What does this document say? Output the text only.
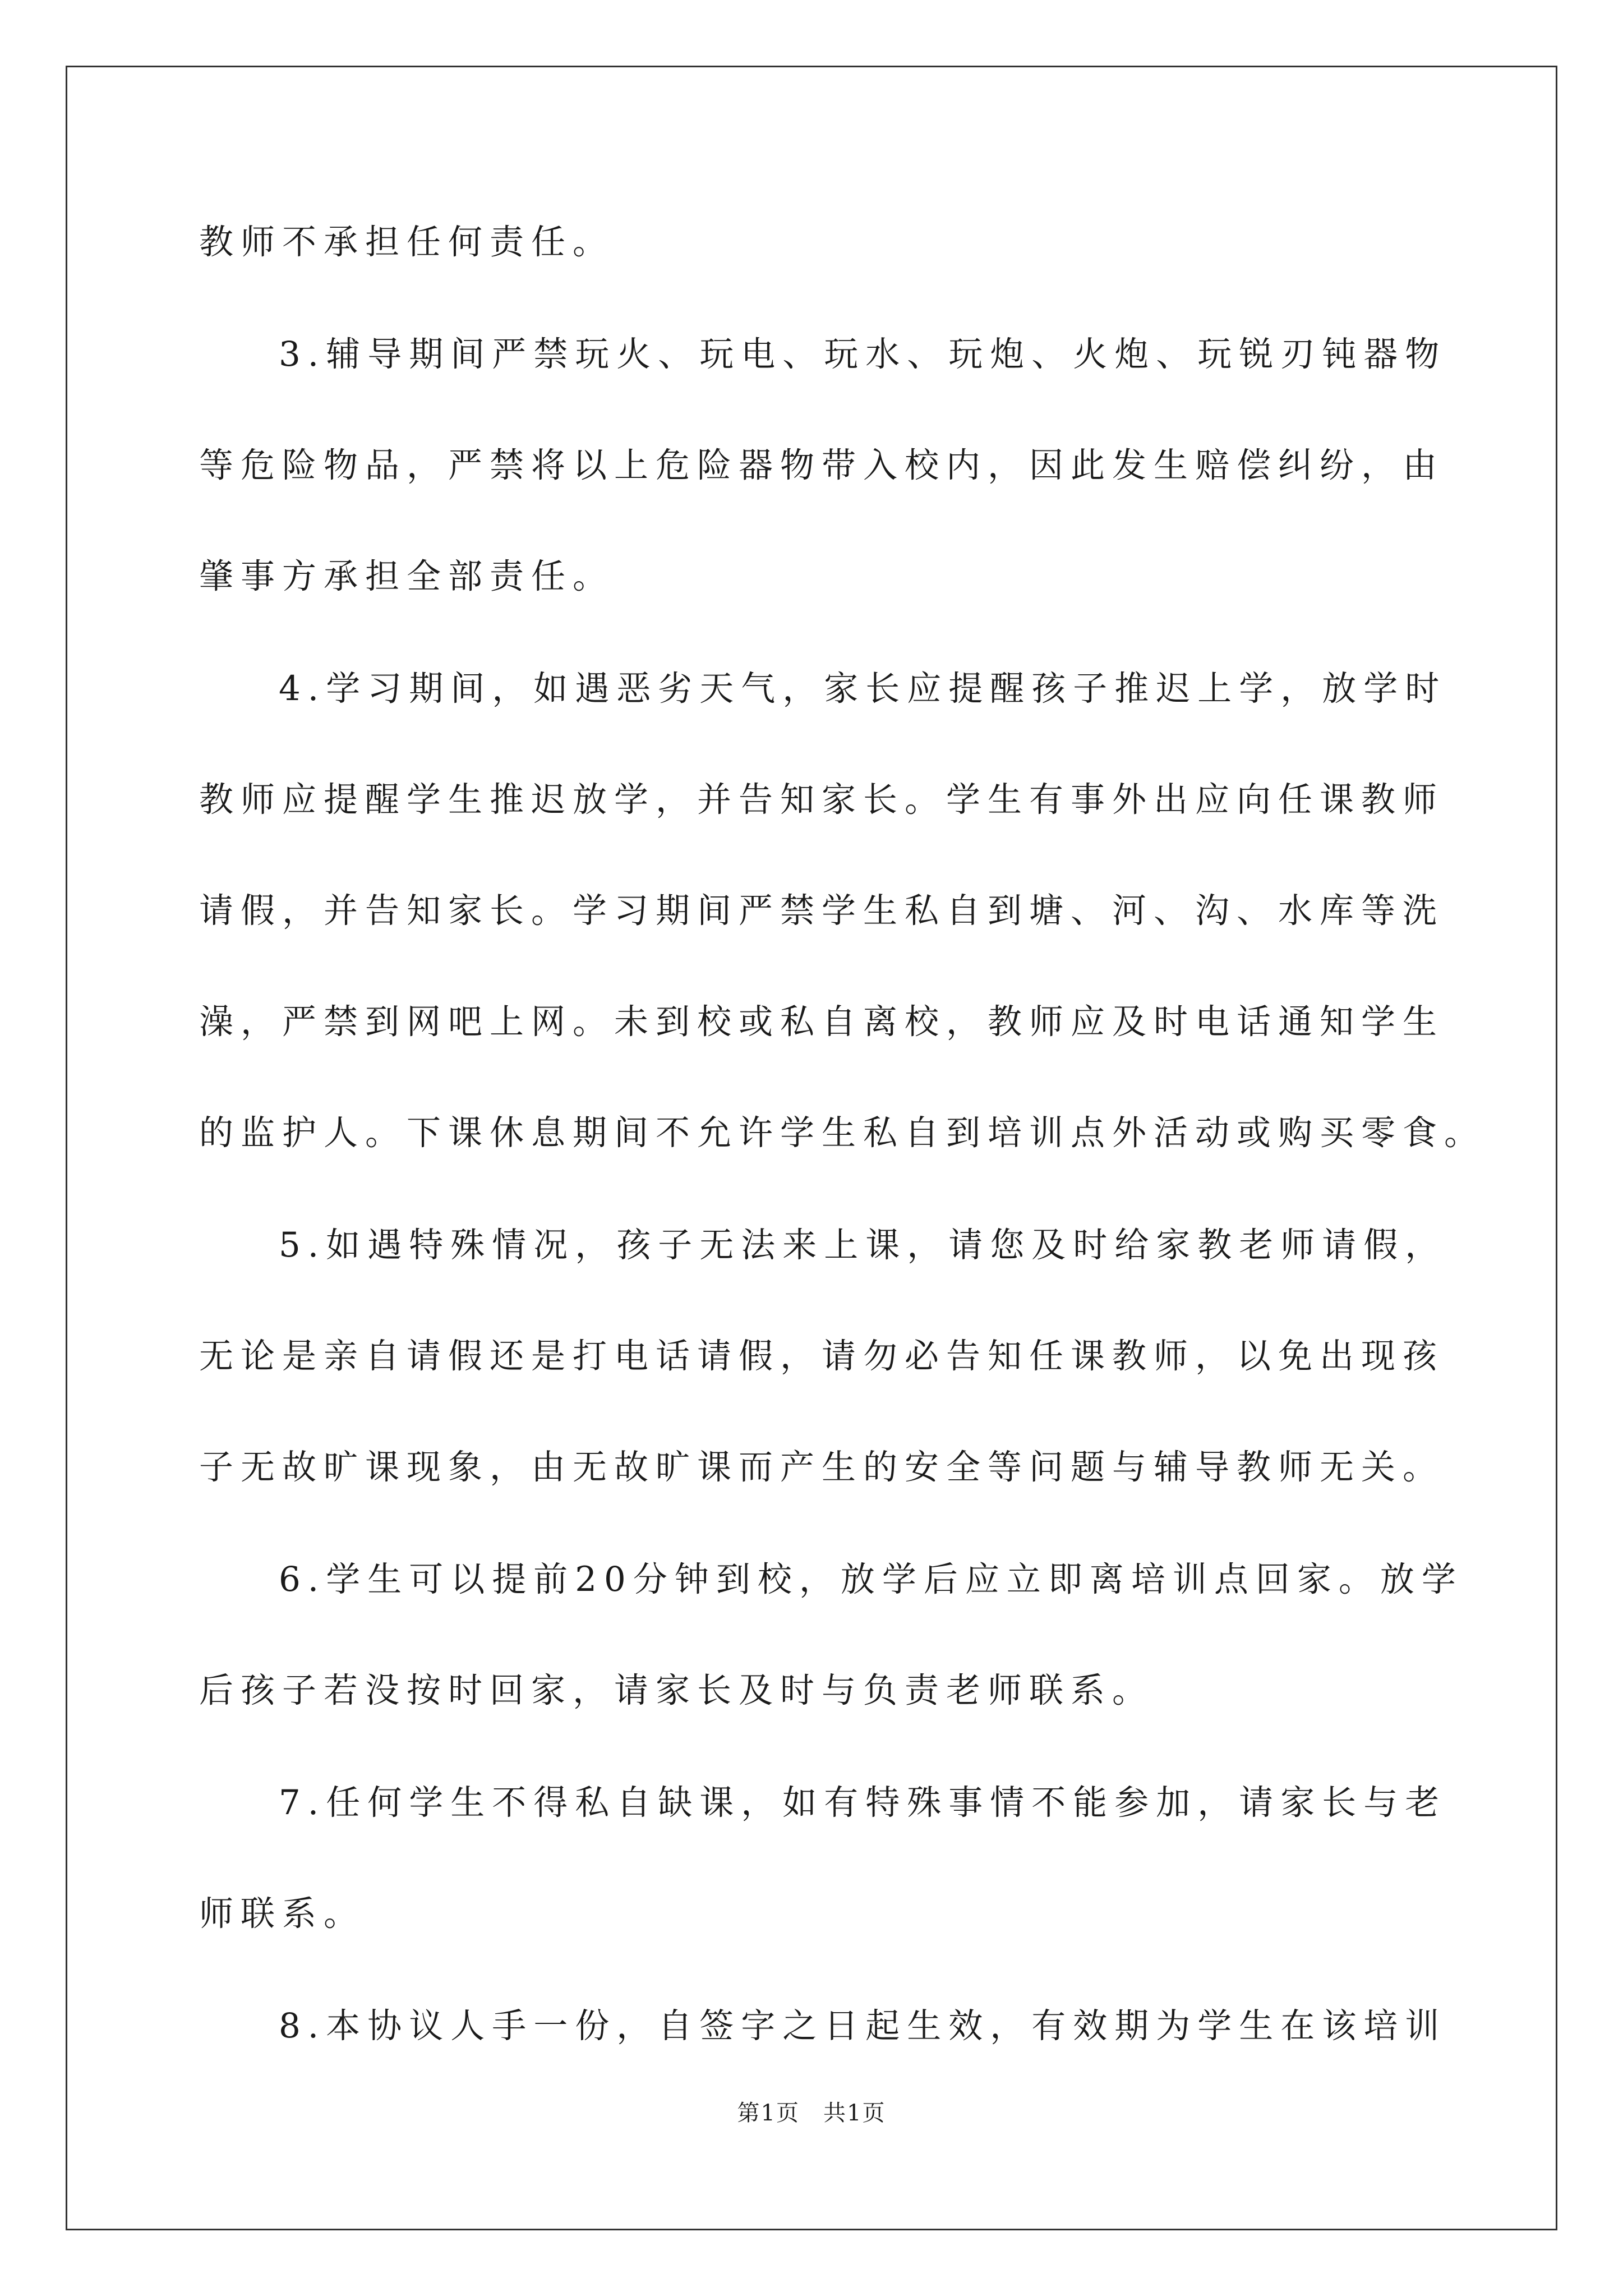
教师不承担任何责任。
3.辅导期间严禁玩火、玩电、玩水、玩炮、火炮、玩锐刃钝器物
等危险物品，严禁将以上危险器物带入校内，因此发生赔偿纠纷，由
肇事方承担全部责任。
4.学习期间，如遇恶劣天气，家长应提醒孩子推迟上学，放学时
教师应提醒学生推迟放学，并告知家长。学生有事外出应向任课教师
请假，并告知家长。学习期间严禁学生私自到塘、河、沟、水库等洗
澡，严禁到网吧上网。未到校或私自离校，教师应及时电话通知学生
的监护人。下课休息期间不允许学生私自到培训点外活动或购买零食。
5.如遇特殊情况，孩子无法来上课，请您及时给家教老师请假，
无论是亲自请假还是打电话请假，请勿必告知任课教师，以免出现孩
子无故旷课现象，由无故旷课而产生的安全等问题与辅导教师无关。
6.学生可以提前20分钟到校，放学后应立即离培训点回家。放学
后孩子若没按时回家，请家长及时与负责老师联系。
7.任何学生不得私自缺课，如有特殊事情不能参加，请家长与老
师联系。
8.本协议人手一份，自签字之日起生效，有效期为学生在该培训
第1页　共1页
